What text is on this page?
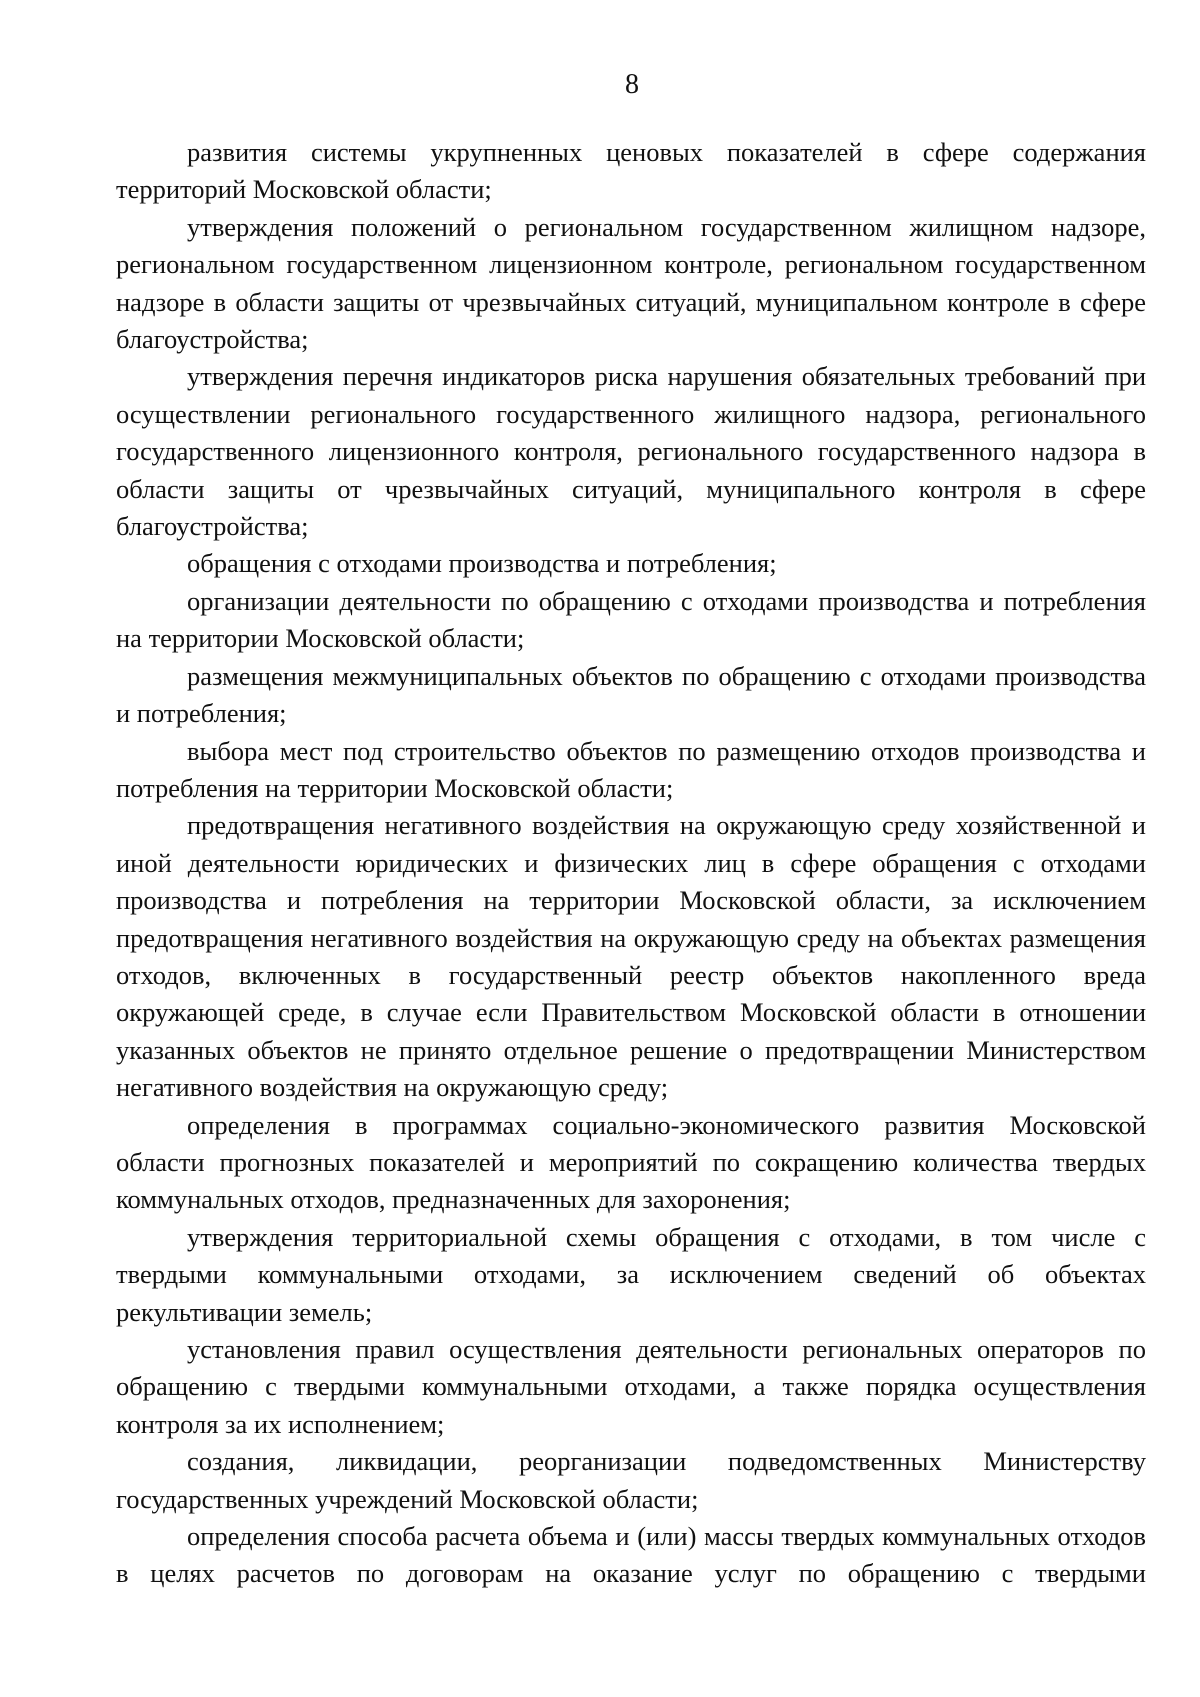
8

развития системы укрупненных ценовых показателей в сфере содержания территорий Московской области;

утверждения положений о региональном государственном жилищном надзоре, региональном государственном лицензионном контроле, региональном государственном надзоре в области защиты от чрезвычайных ситуаций, муниципальном контроле в сфере благоустройства;

утверждения перечня индикаторов риска нарушения обязательных требований при осуществлении регионального государственного жилищного надзора, регионального государственного лицензионного контроля, регионального государственного надзора в области защиты от чрезвычайных ситуаций, муниципального контроля в сфере благоустройства;

обращения с отходами производства и потребления;

организации деятельности по обращению с отходами производства и потребления на территории Московской области;

размещения межмуниципальных объектов по обращению с отходами производства и потребления;

выбора мест под строительство объектов по размещению отходов производства и потребления на территории Московской области;

предотвращения негативного воздействия на окружающую среду хозяйственной и иной деятельности юридических и физических лиц в сфере обращения с отходами производства и потребления на территории Московской области, за исключением предотвращения негативного воздействия на окружающую среду на объектах размещения отходов, включенных в государственный реестр объектов накопленного вреда окружающей среде, в случае если Правительством Московской области в отношении указанных объектов не принято отдельное решение о предотвращении Министерством негативного воздействия на окружающую среду;

определения в программах социально-экономического развития Московской области прогнозных показателей и мероприятий по сокращению количества твердых коммунальных отходов, предназначенных для захоронения;

утверждения территориальной схемы обращения с отходами, в том числе с твердыми коммунальными отходами, за исключением сведений об объектах рекультивации земель;

установления правил осуществления деятельности региональных операторов по обращению с твердыми коммунальными отходами, а также порядка осуществления контроля за их исполнением;

создания, ликвидации, реорганизации подведомственных Министерству государственных учреждений Московской области;

определения способа расчета объема и (или) массы твердых коммунальных отходов в целях расчетов по договорам на оказание услуг по обращению с твердыми
